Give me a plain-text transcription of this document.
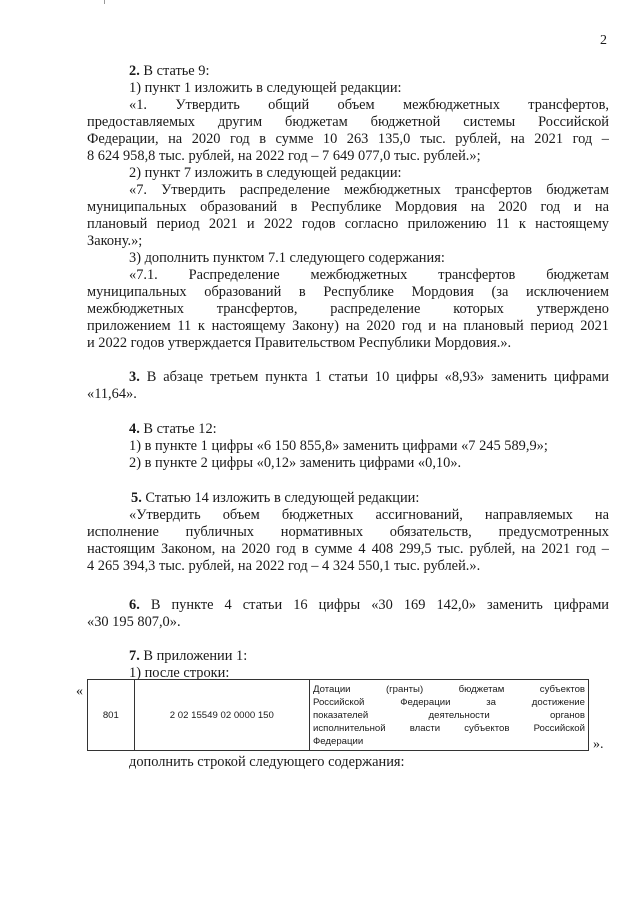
2
2. В статье 9:
1) пункт 1 изложить в следующей редакции:
«1. Утвердить общий объем межбюджетных трансфертов,
предоставляемых другим бюджетам бюджетной системы Российской
Федерации, на 2020 год в сумме 10 263 135,0 тыс. рублей, на 2021 год –
8 624 958,8 тыс. рублей, на 2022 год – 7 649 077,0 тыс. рублей.»;
2) пункт 7 изложить в следующей редакции:
«7. Утвердить распределение межбюджетных трансфертов бюджетам
муниципальных образований в Республике Мордовия на 2020 год и на
плановый период 2021 и 2022 годов согласно приложению 11 к настоящему
Закону.»;
3) дополнить пунктом 7.1 следующего содержания:
«7.1. Распределение межбюджетных трансфертов бюджетам
муниципальных образований в Республике Мордовия (за исключением
межбюджетных трансфертов, распределение которых утверждено
приложением 11 к настоящему Закону) на 2020 год и на плановый период 2021
и 2022 годов утверждается Правительством Республики Мордовия.».
3. В абзаце третьем пункта 1 статьи 10 цифры «8,93» заменить цифрами
«11,64».
4. В статье 12:
1) в пункте 1 цифры «6 150 855,8» заменить цифрами «7 245 589,9»;
2) в пункте 2 цифры «0,12» заменить цифрами «0,10».
5. Статью 14 изложить в следующей редакции:
«Утвердить объем бюджетных ассигнований, направляемых на
исполнение публичных нормативных обязательств, предусмотренных
настоящим Законом, на 2020 год в сумме 4 408 299,5 тыс. рублей, на 2021 год –
4 265 394,3 тыс. рублей, на 2022 год – 4 324 550,1 тыс. рублей.».
6. В пункте 4 статьи 16 цифры «30 169 142,0» заменить цифрами
«30 195 807,0».
7. В приложении 1:
1) после строки:
«
801	2 02 15549 02 0000 150	
Дотации (гранты) бюджетам субъектов
Российской Федерации за достижение
показателей деятельности органов
исполнительной власти субъектов Российской
Федерации	».
дополнить строкой следующего содержания:
